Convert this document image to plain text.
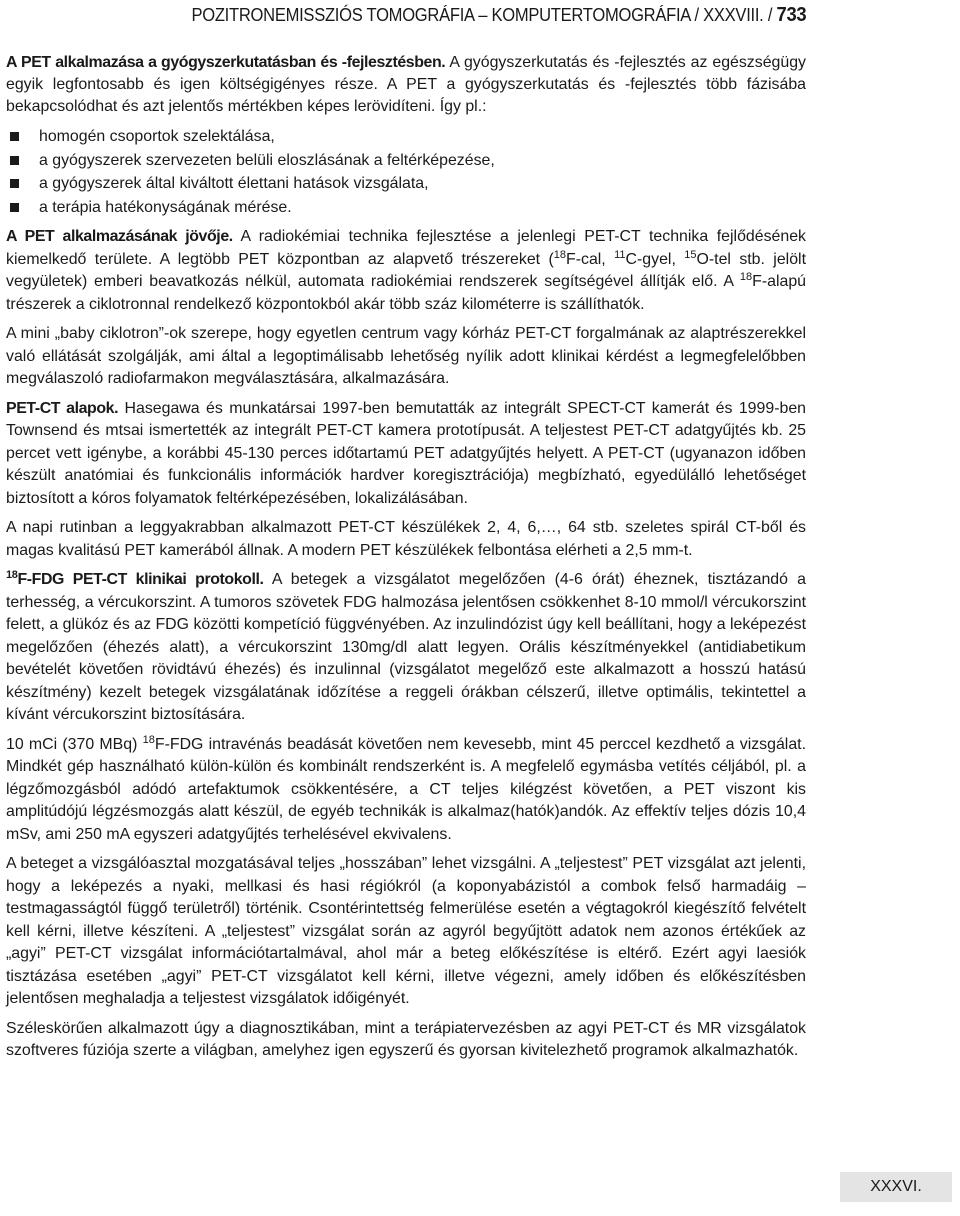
POZITRONEMISSZIÓS TOMOGRÁFIA – KOMPUTERTOMOGRÁFIA / XXXVIII. / 733

A PET alkalmazása a gyógyszerkutatásban és -fejlesztésben. A gyógyszerkutatás és -fejlesztés az egészségügy egyik legfontosabb és igen költségigényes része. A PET a gyógyszerkutatás és -fejlesztés több fázisába bekapcsolódhat és azt jelentős mértékben képes lerövidíteni. Így pl.:

homogén csoportok szelektálása,
a gyógyszerek szervezeten belüli eloszlásának a feltérképezése,
a gyógyszerek által kiváltott élettani hatások vizsgálata,
a terápia hatékonyságának mérése.

A PET alkalmazásának jövője. A radiokémiai technika fejlesztése a jelenlegi PET-CT technika fejlődésének kiemelkedő területe. A legtöbb PET központban az alapvető trészereket ($^{18}$F-cal, $^{11}$C-gyel, $^{15}$O-tel stb. jelölt vegyületek) emberi beavatkozás nélkül, automata radiokémiai rendszerek segítségével állítják elő. A $^{18}$F-alapú trészerek a ciklotronnal rendelkező központokból akár több száz kilométerre is szállíthatók.

A mini „baby ciklotron”-ok szerepe, hogy egyetlen centrum vagy kórház PET-CT forgalmának az alaptrészerekkel való ellátását szolgálják, ami által a legoptimálisabb lehetőség nyílik adott klinikai kérdést a legmegfelelőbben megválaszoló radiofarmakon megválasztására, alkalmazására.

PET-CT alapok. Hasegawa és munkatársai 1997-ben bemutatták az integrált SPECT-CT kamerát és 1999-ben Townsend és mtsai ismertették az integrált PET-CT kamera prototípusát. A teljestest PET-CT adatgyűjtés kb. 25 percet vett igénybe, a korábbi 45-130 perces időtartamú PET adatgyűjtés helyett. A PET-CT (ugyanazon időben készült anatómiai és funkcionális információk hardver koregisztrációja) megbízható, egyedülálló lehetőséget biztosított a kóros folyamatok feltérképezésében, lokalizálásában.

A napi rutinban a leggyakrabban alkalmazott PET-CT készülékek 2, 4, 6,…, 64 stb. szeletes spirál CT-ből és magas kvalitású PET kamerából állnak. A modern PET készülékek felbontása elérheti a 2,5 mm-t.

$^{18}$F-FDG PET-CT klinikai protokoll. A betegek a vizsgálatot megelőzően (4-6 órát) éheznek, tisztázandó a terhesség, a vércukorszint. A tumoros szövetek FDG halmozása jelentősen csökkenhet 8-10 mmol/l vércukorszint felett, a glükóz és az FDG közötti kompetíció függvényében. Az inzulindózist úgy kell beállítani, hogy a leképezést megelőzően (éhezés alatt), a vércukorszint 130mg/dl alatt legyen. Orális készítményekkel (antidiabetikum bevételét követően rövidtávú éhezés) és inzulinnal (vizsgálatot megelőző este alkalmazott a hosszú hatású készítmény) kezelt betegek vizsgálatának időzítése a reggeli órákban célszerű, illetve optimális, tekintettel a kívánt vércukorszint biztosítására.

10 mCi (370 MBq) $^{18}$F-FDG intravénás beadását követően nem kevesebb, mint 45 perccel kezdhető a vizsgálat. Mindkét gép használható külön-külön és kombinált rendszerként is. A megfelelő egymásba vetítés céljából, pl. a légzőmozgásból adódó artefaktumok csökkentésére, a CT teljes kilégzést követően, a PET viszont kis amplitúdójú légzésmozgás alatt készül, de egyéb technikák is alkalmaz(hatók)andók. Az effektív teljes dózis 10,4 mSv, ami 250 mA egyszeri adatgyűjtés terhelésével ekvivalens.

A beteget a vizsgálóasztal mozgatásával teljes „hosszában” lehet vizsgálni. A „teljestest” PET vizsgálat azt jelenti, hogy a leképezés a nyaki, mellkasi és hasi régiókról (a koponyabázistól a combok felső harmadáig – testmagasságtól függő területről) történik. Csontérintettség felmerülése esetén a végtagokról kiegészítő felvételt kell kérni, illetve készíteni. A „teljestest” vizsgálat során az agyról begyűjtött adatok nem azonos értékűek az „agyi” PET-CT vizsgálat információtartalmával, ahol már a beteg előkészítése is eltérő. Ezért agyi laesiók tisztázása esetében „agyi” PET-CT vizsgálatot kell kérni, illetve végezni, amely időben és előkészítésben jelentősen meghaladja a teljestest vizsgálatok időigényét.

Széleskörűen alkalmazott úgy a diagnosztikában, mint a terápiatervezésben az agyi PET-CT és MR vizsgálatok szoftveres fúziója szerte a világban, amelyhez igen egyszerű és gyorsan kivitelezhető programok alkalmazhatók.

XXXVI.
